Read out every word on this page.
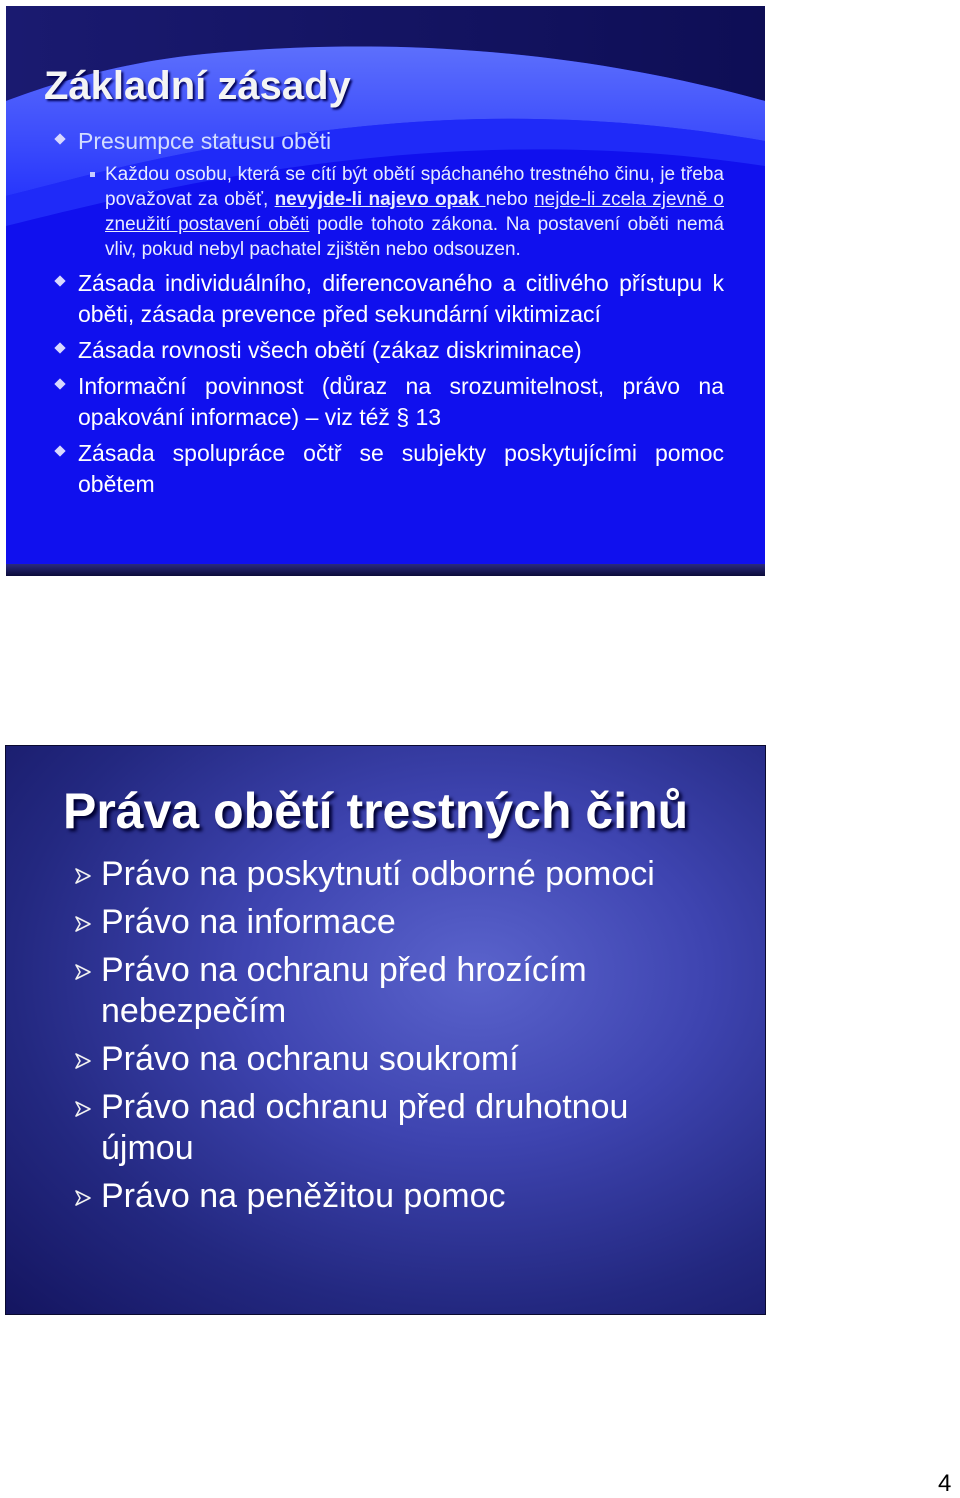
Základní zásady
Presumpce statusu oběti
Každou osobu, která se cítí být obětí spáchaného trestného činu, je třeba považovat za oběť, nevyjde-li najevo opak nebo nejde-li zcela zjevně o zneužití postavení oběti podle tohoto zákona. Na postavení oběti nemá vliv, pokud nebyl pachatel zjištěn nebo odsouzen.
Zásada individuálního, diferencovaného a citlivého přístupu k oběti, zásada prevence před sekundární viktimizací
Zásada rovnosti všech obětí (zákaz diskriminace)
Informační povinnost (důraz na srozumitelnost, právo na opakování informace) – viz též § 13
Zásada spolupráce očtř se subjekty poskytujícími pomoc obětem
Práva obětí trestných činů
Právo na poskytnutí odborné pomoci
Právo na informace
Právo na ochranu před hrozícím nebezpečím
Právo na ochranu soukromí
Právo nad ochranu před druhotnou újmou
Právo na peněžitou pomoc
4
